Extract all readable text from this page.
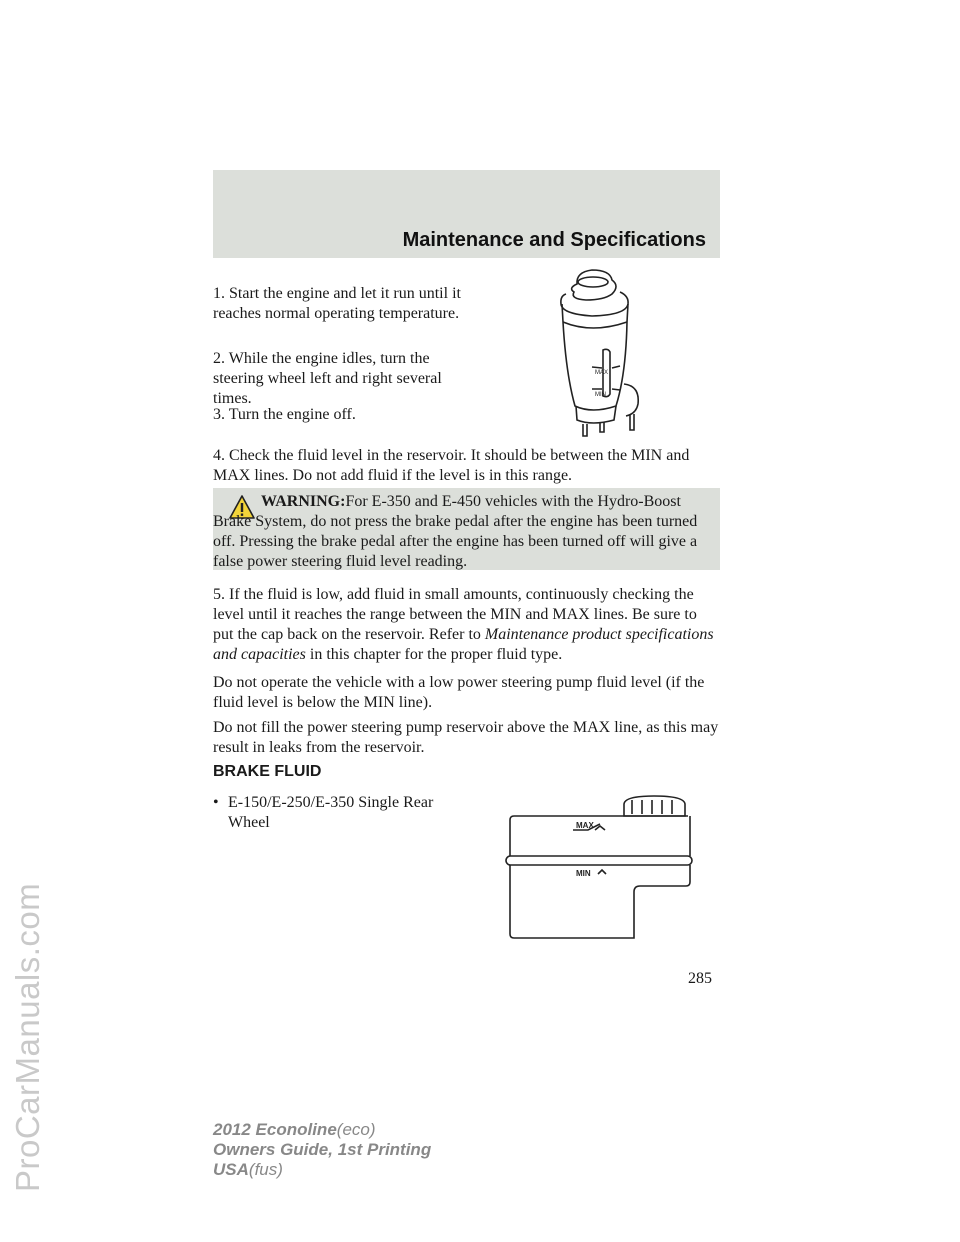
ProCarManuals.com
Maintenance and Specifications

1. Start the engine and let it run until it reaches normal operating temperature.

2. While the engine idles, turn the steering wheel left and right several times.

3. Turn the engine off.

MAX
MIN

4. Check the fluid level in the reservoir. It should be between the MIN and MAX lines. Do not add fluid if the level is in this range.

WARNING:For E-350 and E-450 vehicles with the Hydro-Boost
Brake System, do not press the brake pedal after the engine has been turned off. Pressing the brake pedal after the engine has been turned off will give a false power steering fluid level reading.

5. If the fluid is low, add fluid in small amounts, continuously checking the level until it reaches the range between the MIN and MAX lines. Be sure to put the cap back on the reservoir. Refer to Maintenance product specifications and capacities in this chapter for the proper fluid type.

Do not operate the vehicle with a low power steering pump fluid level (if the fluid level is below the MIN line).

Do not fill the power steering pump reservoir above the MAX line, as this may result in leaks from the reservoir.

BRAKE FLUID
• E-150/E-250/E-350 Single Rear Wheel	MAX
MIN
285
2012 Econoline(eco)
Owners Guide, 1st Printing
USA(fus)
